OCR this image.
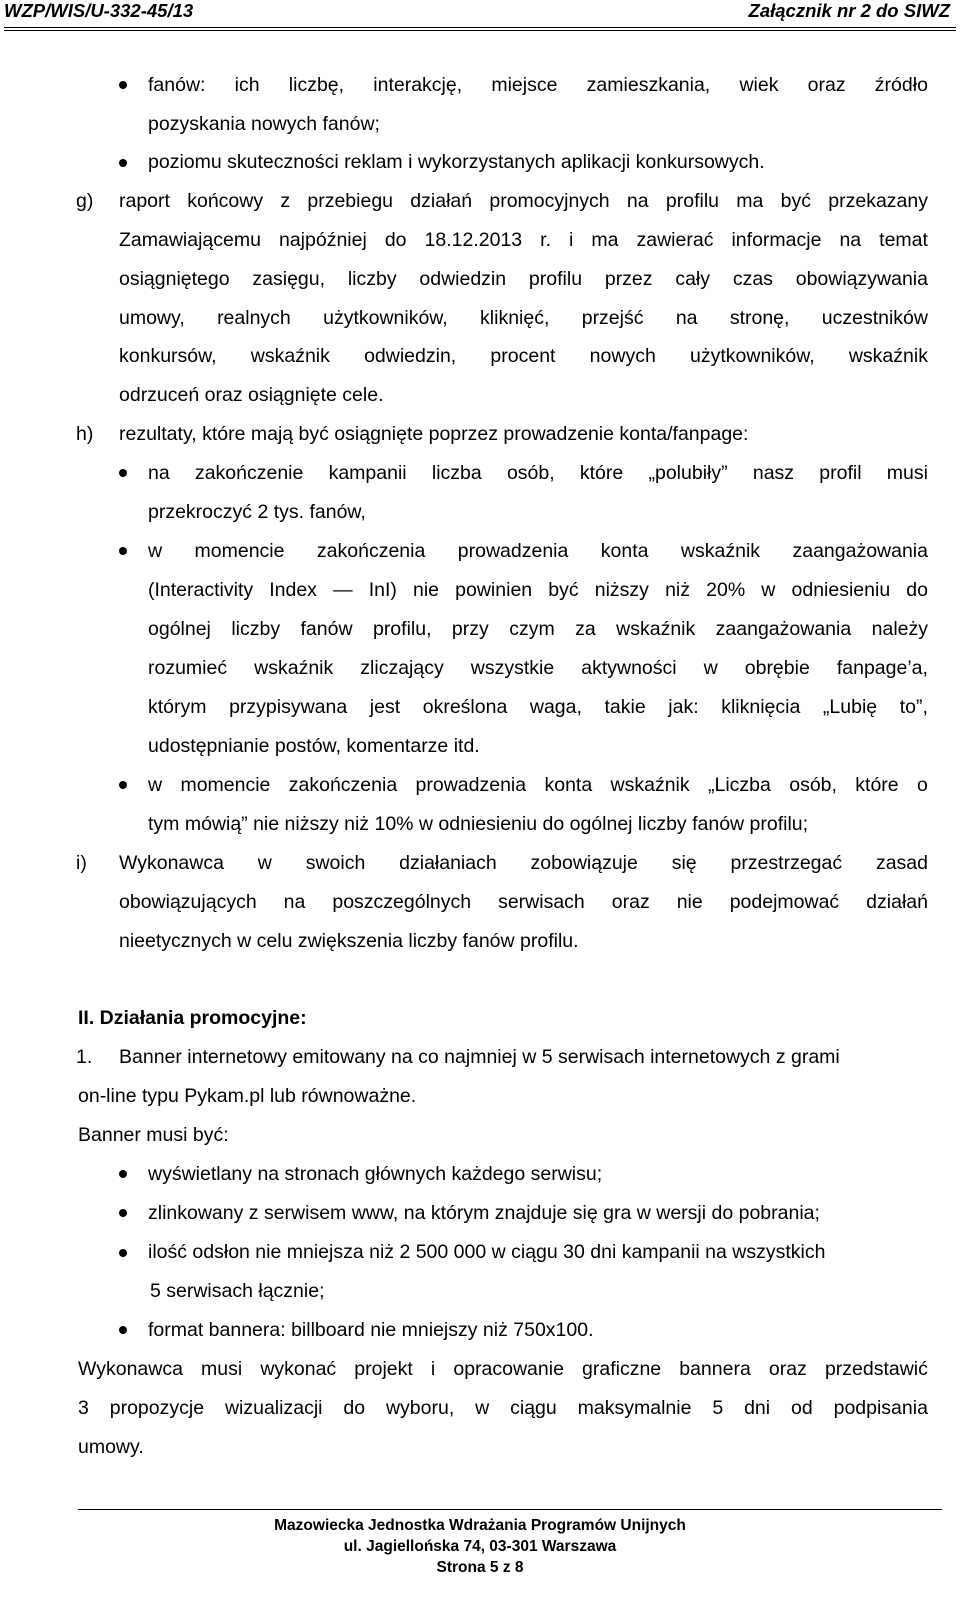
WZP/WIS/U-332-45/13	Załącznik nr 2 do SIWZ
fanów: ich liczbę, interakcję, miejsce zamieszkania, wiek oraz źródło
pozyskania nowych fanów;
poziomu skuteczności reklam i wykorzystanych aplikacji konkursowych.
g) raport końcowy z przebiegu działań promocyjnych na profilu ma być przekazany
Zamawiającemu najpóźniej do 18.12.2013 r. i ma zawierać informacje na temat
osiągniętego zasięgu, liczby odwiedzin profilu przez cały czas obowiązywania
umowy, realnych użytkowników, kliknięć, przejść na stronę, uczestników
konkursów, wskaźnik odwiedzin, procent nowych użytkowników, wskaźnik
odrzuceń oraz osiągnięte cele.
h) rezultaty, które mają być osiągnięte poprzez prowadzenie konta/fanpage:
na zakończenie kampanii liczba osób, które „polubiły” nasz profil musi
przekroczyć 2 tys. fanów,
w momencie zakończenia prowadzenia konta wskaźnik zaangażowania
(Interactivity Index — InI) nie powinien być niższy niż 20% w odniesieniu do
ogólnej liczby fanów profilu, przy czym za wskaźnik zaangażowania należy
rozumieć wskaźnik zliczający wszystkie aktywności w obrębie fanpage’a,
którym przypisywana jest określona waga, takie jak: kliknięcia „Lubię to”,
udostępnianie postów, komentarze itd.
w momencie zakończenia prowadzenia konta wskaźnik „Liczba osób, które o
tym mówią” nie niższy niż 10% w odniesieniu do ogólnej liczby fanów profilu;
i) Wykonawca w swoich działaniach zobowiązuje się przestrzegać zasad
obowiązujących na poszczególnych serwisach oraz nie podejmować działań
nieetycznych w celu zwiększenia liczby fanów profilu.
II. Działania promocyjne:
1. Banner internetowy emitowany na co najmniej w 5 serwisach internetowych z grami
on-line typu Pykam.pl lub równoważne.
Banner musi być:
wyświetlany na stronach głównych każdego serwisu;
zlinkowany z serwisem www, na którym znajduje się gra w wersji do pobrania;
ilość odsłon nie mniejsza niż 2 500 000 w ciągu 30 dni kampanii na wszystkich
5 serwisach łącznie;
format bannera: billboard nie mniejszy niż 750x100.
Wykonawca musi wykonać projekt i opracowanie graficzne bannera oraz przedstawić
3 propozycje wizualizacji do wyboru, w ciągu maksymalnie 5 dni od podpisania
umowy.
Mazowiecka Jednostka Wdrażania Programów Unijnych
ul. Jagiellońska 74, 03-301 Warszawa
Strona 5 z 8
